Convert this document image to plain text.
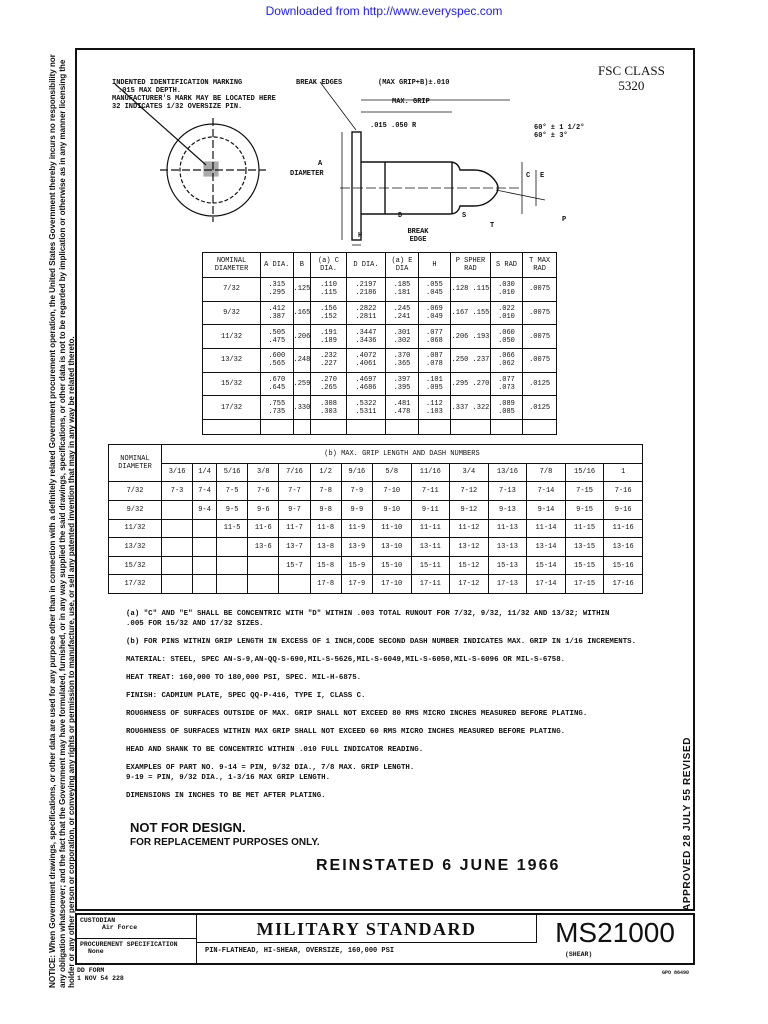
Downloaded from http://www.everyspec.com
NOTICE: When Government drawings, specifications, or other data are used for any purpose other than in connection with a definitely related Government procurement operation, the United States Government thereby incurs no responsibility nor any obligation whatsoever; and the fact that the Government may have formulated, furnished, or in any way supplied the said drawings, specifications, or other data is not to be regarded by implication or otherwise as in any manner licensing the holder or any other person or corporation, or conveying any rights or permission to manufacture, use, or sell any patented invention that may in any way be related thereto.
FSC CLASS
5320
APPROVED 28 JULY 55 REVISED
INDENTED IDENTIFICATION MARKING
.015 MAX DEPTH.
MANUFACTURER'S MARK MAY BE LOCATED HERE
32 INDICATES 1/32 OVERSIZE PIN.
BREAK EDGES	(MAX GRIP+B)±.010
MAX. GRIP
.015 .050 R	60° ± 1 1/2°
60° ± 3°
A
DIAMETER	C E
D
H
S
T
P
BREAK EDGE
NOMINAL DIAMETER	A DIA.	B	(a) C DIA.	D DIA.	(a) E DIA	H	P SPHER RAD	S RAD	T MAX RAD
7/32	.315 .295	.125	.110 .115	.2197 .2186	.185 .181	.055 .045	.128 .115	.030 .010	.0075
9/32	.412 .387	.165	.156 .152	.2822 .2811	.245 .241	.069 .049	.167 .155	.022 .010	.0075
11/32	.505 .475	.206	.191 .189	.3447 .3436	.301 .302	.077 .068	.206 .193	.060 .050	.0075
13/32	.600 .565	.248	.232 .227	.4072 .4061	.370 .365	.087 .078	.250 .237	.066 .062	.0075
15/32	.670 .645	.259	.270 .265	.4697 .4686	.397 .395	.101 .095	.295 .270	.077 .073	.0125
17/32	.755 .735	.330	.308 .303	.5322 .5311	.481 .478	.112 .103	.337 .322	.089 .085	.0125

NOMINAL DIAMETER	(b) MAX. GRIP LENGTH AND DASH NUMBERS													
	3/16	1/4	5/16	3/8	7/16	1/2	9/16	5/8	11/16	3/4	13/16	7/8	15/16	1
7/32	7-3	7-4	7-5	7-6	7-7	7-8	7-9	7-10	7-11	7-12	7-13	7-14	7-15	7-16
9/32		9-4	9-5	9-6	9-7	9-8	9-9	9-10	9-11	9-12	9-13	9-14	9-15	9-16
11/32			11-5	11-6	11-7	11-8	11-9	11-10	11-11	11-12	11-13	11-14	11-15	11-16
13/32				13-6	13-7	13-8	13-9	13-10	13-11	13-12	13-13	13-14	13-15	13-16
15/32					15-7	15-8	15-9	15-10	15-11	15-12	15-13	15-14	15-15	15-16
17/32						17-8	17-9	17-10	17-11	17-12	17-13	17-14	17-15	17-16
(a) "C" AND "E" SHALL BE CONCENTRIC WITH "D" WITHIN .003 TOTAL RUNOUT FOR 7/32, 9/32, 11/32 AND 13/32; WITHIN
.005 FOR 15/32 AND 17/32 SIZES.
(b) FOR PINS WITHIN GRIP LENGTH IN EXCESS OF 1 INCH,CODE SECOND DASH NUMBER INDICATES MAX. GRIP IN 1/16 INCREMENTS.
MATERIAL: STEEL, SPEC AN-S-9,AN-QQ-S-690,MIL-S-5626,MIL-S-6049,MIL-S-6050,MIL-S-6096 OR MIL-S-6758.
HEAT TREAT: 160,000 TO 180,000 PSI, SPEC. MIL-H-6875.
FINISH: CADMIUM PLATE, SPEC QQ-P-416, TYPE I, CLASS C.
ROUGHNESS OF SURFACES OUTSIDE OF MAX. GRIP SHALL NOT EXCEED 80 RMS MICRO INCHES MEASURED BEFORE PLATING.
ROUGHNESS OF SURFACES WITHIN MAX GRIP SHALL NOT EXCEED 60 RMS MICRO INCHES MEASURED BEFORE PLATING.
HEAD AND SHANK TO BE CONCENTRIC WITHIN .010 FULL INDICATOR READING.
EXAMPLES OF PART NO. 9-14 = PIN, 9/32 DIA., 7/8 MAX. GRIP LENGTH.
9-19 = PIN, 9/32 DIA., 1-3/16 MAX GRIP LENGTH.
DIMENSIONS IN INCHES TO BE MET AFTER PLATING.
NOT FOR DESIGN.
FOR REPLACEMENT PURPOSES ONLY.
REINSTATED 6 JUNE 1966
CUSTODIAN
Air Force
PROCUREMENT SPECIFICATION
None
MILITARY STANDARD
PIN-FLATHEAD, HI-SHEAR, OVERSIZE, 160,000 PSI
MS21000
(SHEAR)
DD FORM
1 NOV 54 228
GPO 86490
